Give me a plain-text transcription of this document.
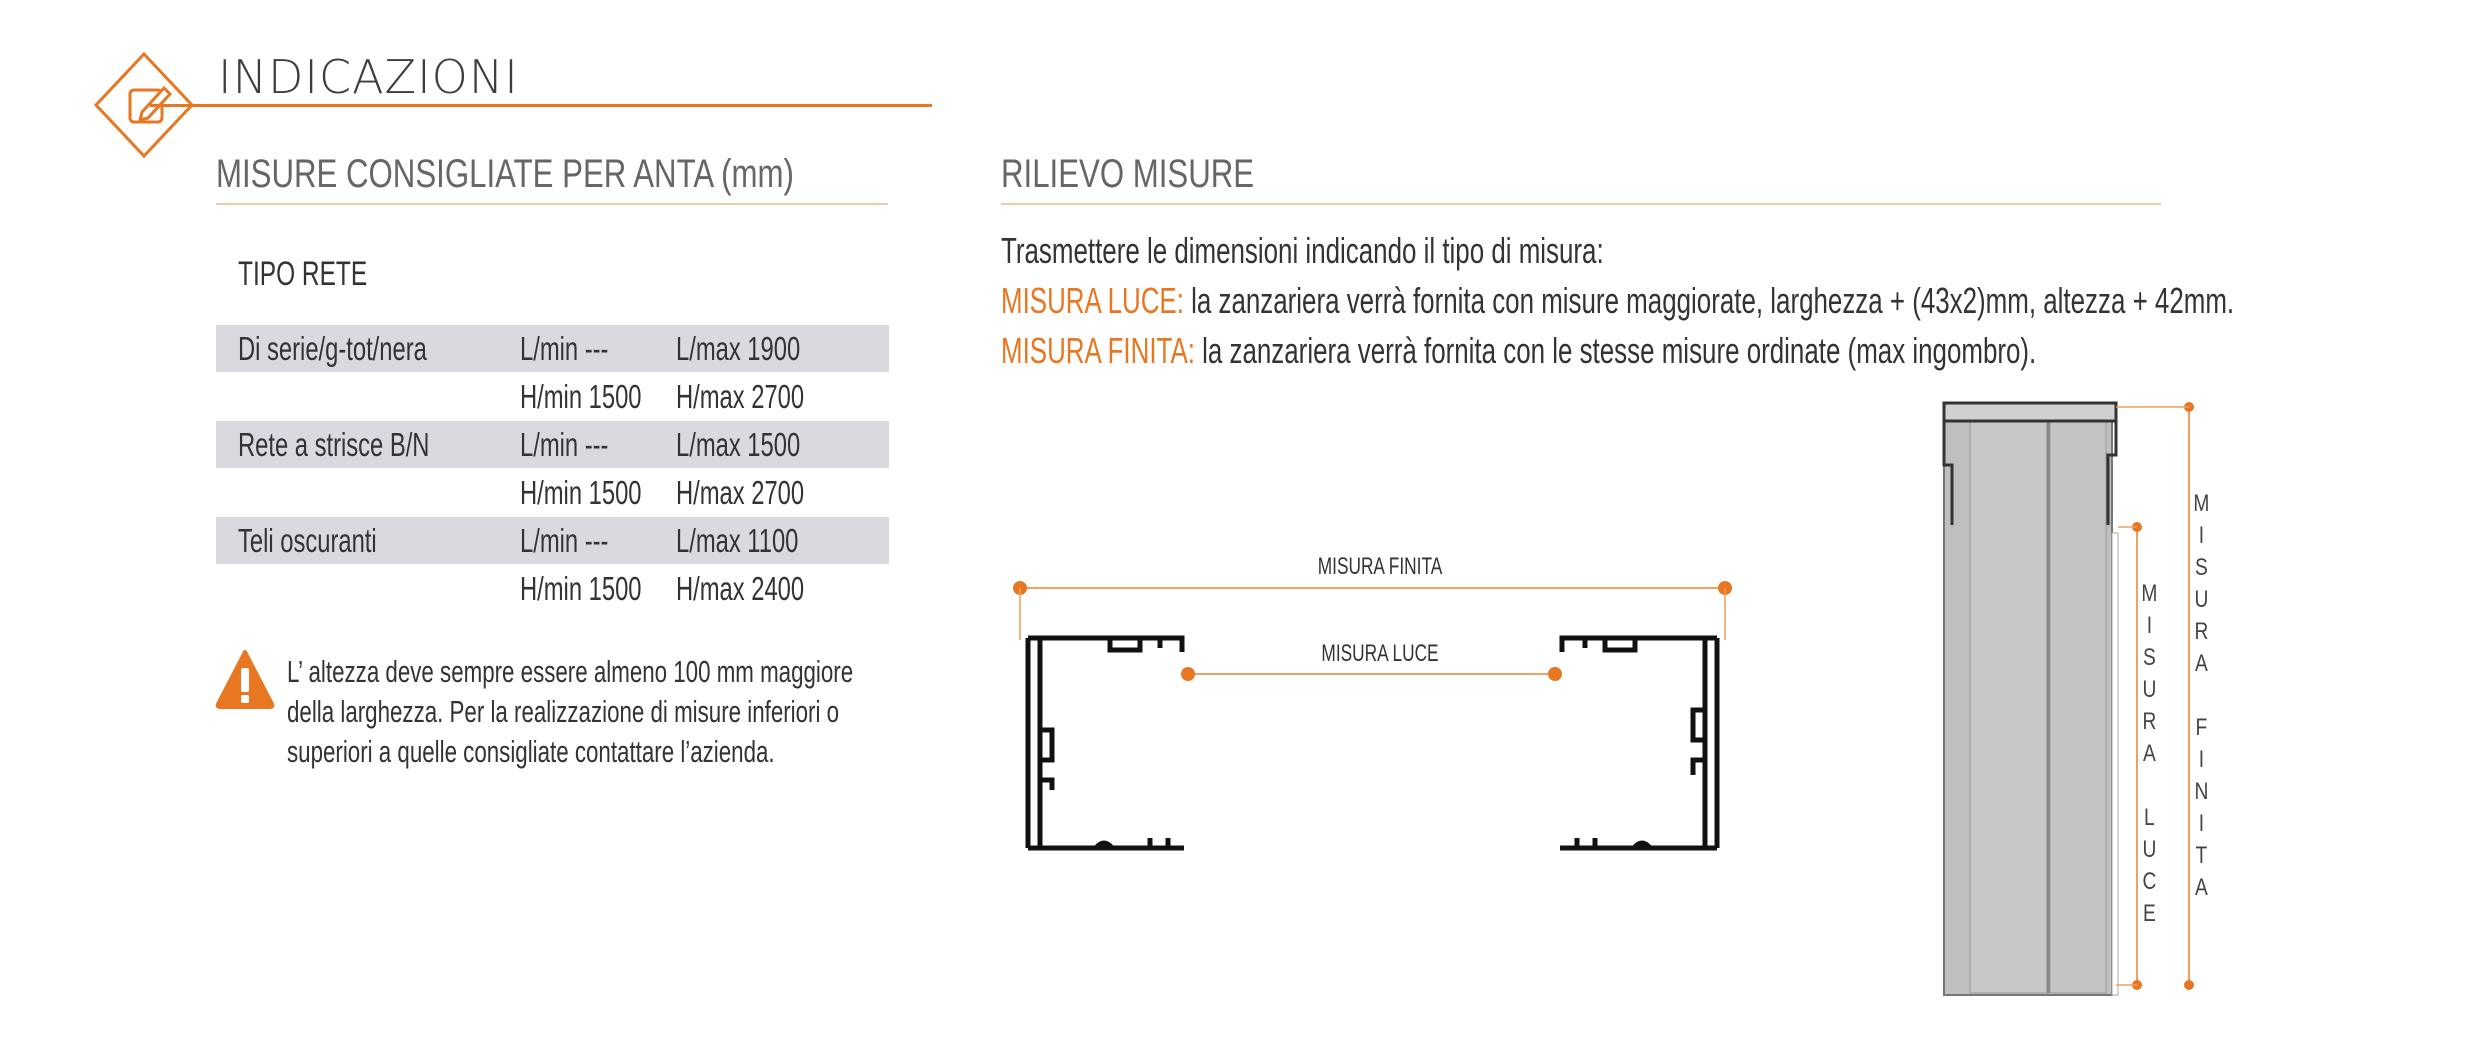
INDICAZIONI
MISURE CONSIGLIATE PER ANTA (mm)
TIPO RETE
Di serie/g-tot/nera	L/min --- L/max 1900
H/min 1500 H/max 2700
Rete a strisce B/N	L/min --- L/max 1500
H/min 1500 H/max 2700
Teli oscuranti	L/min --- L/max 1100
H/min 1500 H/max 2400
L’ altezza deve sempre essere almeno 100 mm maggiore
della larghezza. Per la realizzazione di misure inferiori o
superiori a quelle consigliate contattare l’azienda.
RILIEVO MISURE
Trasmettere le dimensioni indicando il tipo di misura:
MISURA LUCE: la zanzariera verrà fornita con misure maggiorate, larghezza + (43x2)mm, altezza + 42mm.
MISURA FINITA: la zanzariera verrà fornita con le stesse misure ordinate (max ingombro).
MISURA FINITA
MISURA LUCE	MISURA LUCE MISURA FINITA
